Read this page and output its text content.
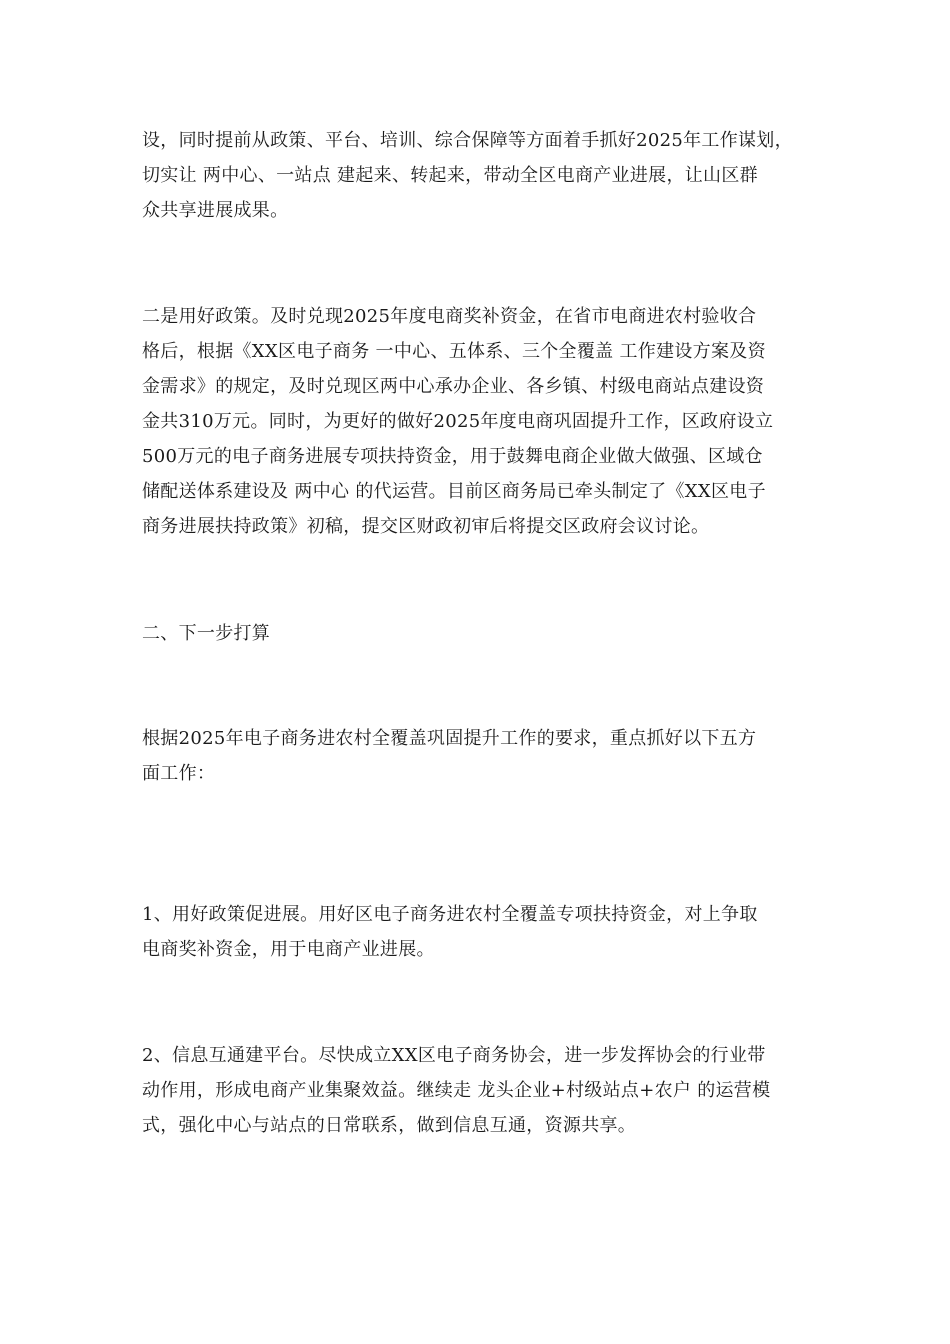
设，同时提前从政策、平台、培训、综合保障等方面着手抓好2025年工作谋划，
切实让 两中心、一站点 建起来、转起来，带动全区电商产业进展，让山区群
众共享进展成果。
二是用好政策。及时兑现2025年度电商奖补资金，在省市电商进农村验收合
格后，根据《XX区电子商务 一中心、五体系、三个全覆盖 工作建设方案及资
金需求》的规定，及时兑现区两中心承办企业、各乡镇、村级电商站点建设资
金共310万元。同时，为更好的做好2025年度电商巩固提升工作，区政府设立
500万元的电子商务进展专项扶持资金，用于鼓舞电商企业做大做强、区域仓
储配送体系建设及 两中心 的代运营。目前区商务局已牵头制定了《XX区电子
商务进展扶持政策》初稿，提交区财政初审后将提交区政府会议讨论。
二、下一步打算
根据2025年电子商务进农村全覆盖巩固提升工作的要求，重点抓好以下五方
面工作：
1、用好政策促进展。用好区电子商务进农村全覆盖专项扶持资金，对上争取
电商奖补资金，用于电商产业进展。
2、信息互通建平台。尽快成立XX区电子商务协会，进一步发挥协会的行业带
动作用，形成电商产业集聚效益。继续走 龙头企业+村级站点+农户 的运营模
式，强化中心与站点的日常联系，做到信息互通，资源共享。
